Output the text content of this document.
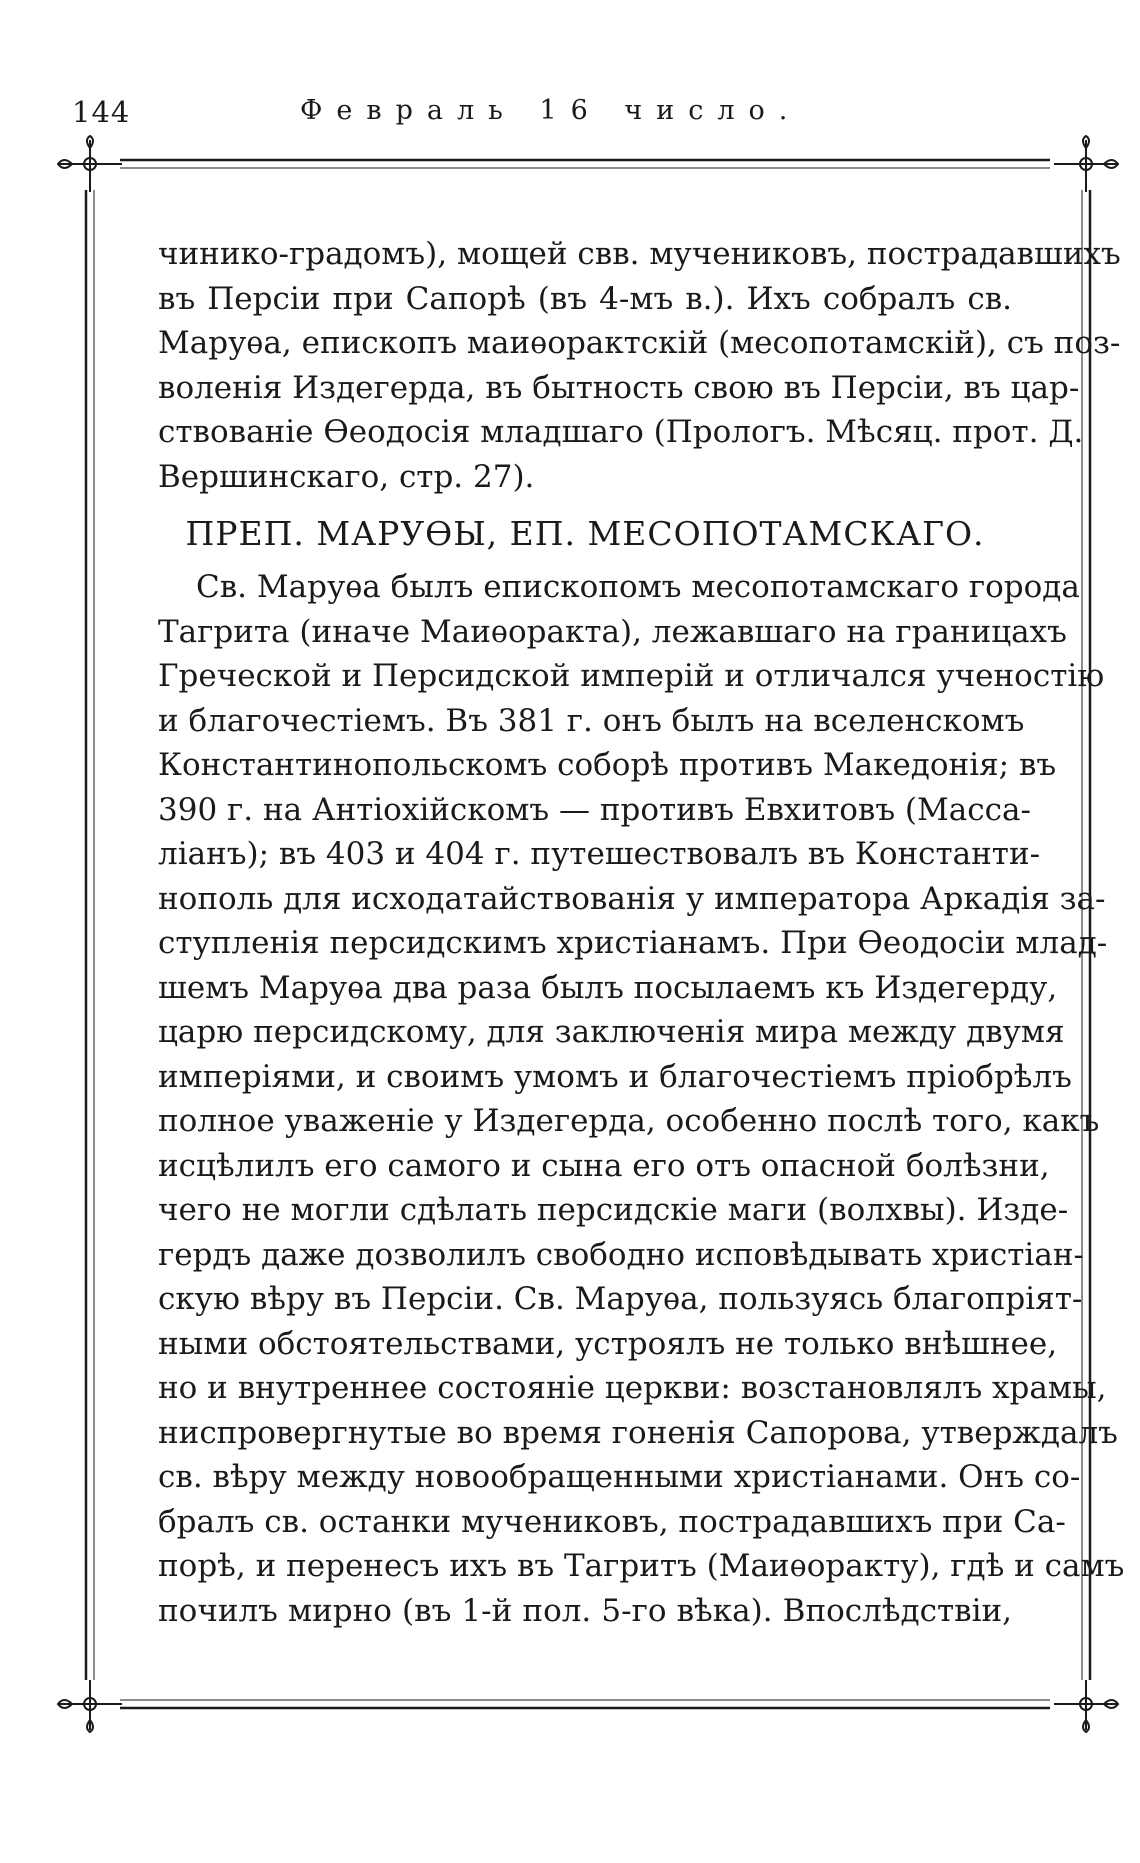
144	Февраль 16 число.
чинико-градомъ), мощей свв. мучениковъ, пострадавшихъ
въ Персіи при Сапорѣ (въ 4-мъ в.). Ихъ собралъ св.
Маруѳа, епископъ маиѳорактскій (месопотамскій), съ поз-
воленія Издегерда, въ бытность свою въ Персіи, въ цар-
ствованіе Ѳеодосія младшаго (Прологъ. Мѣсяц. прот. Д.
Вершинскаго, стр. 27).
ПРЕП. МАРУѲЫ, ЕП. МЕСОПОТАМСКАГО.
Св. Маруѳа былъ епископомъ месопотамскаго города
Тагрита (иначе Маиѳоракта), лежавшаго на границахъ
Греческой и Персидской имперій и отличался ученостію
и благочестіемъ. Въ 381 г. онъ былъ на вселенскомъ
Константинопольскомъ соборѣ противъ Македонія; въ
390 г. на Антіохійскомъ — противъ Евхитовъ (Масса-
ліанъ); въ 403 и 404 г. путешествовалъ въ Константи-
нополь для исходатайствованія у императора Аркадія за-
ступленія персидскимъ христіанамъ. При Ѳеодосіи млад-
шемъ Маруѳа два раза былъ посылаемъ къ Издегерду,
царю персидскому, для заключенія мира между двумя
имперіями, и своимъ умомъ и благочестіемъ пріобрѣлъ
полное уваженіе у Издегерда, особенно послѣ того, какъ
исцѣлилъ его самого и сына его отъ опасной болѣзни,
чего не могли сдѣлать персидскіе маги (волхвы). Изде-
гердъ даже дозволилъ свободно исповѣдывать христіан-
скую вѣру въ Персіи. Св. Маруѳа, пользуясь благопріят-
ными обстоятельствами, устроялъ не только внѣшнее,
но и внутреннее состояніе церкви: возстановлялъ храмы,
ниспровергнутые во время гоненія Сапорова, утверждалъ
св. вѣру между новообращенными христіанами. Онъ со-
бралъ св. останки мучениковъ, пострадавшихъ при Са-
порѣ, и перенесъ ихъ въ Тагритъ (Маиѳоракту), гдѣ и самъ
почилъ мирно (въ 1-й пол. 5-го вѣка). Впослѣдствіи,
